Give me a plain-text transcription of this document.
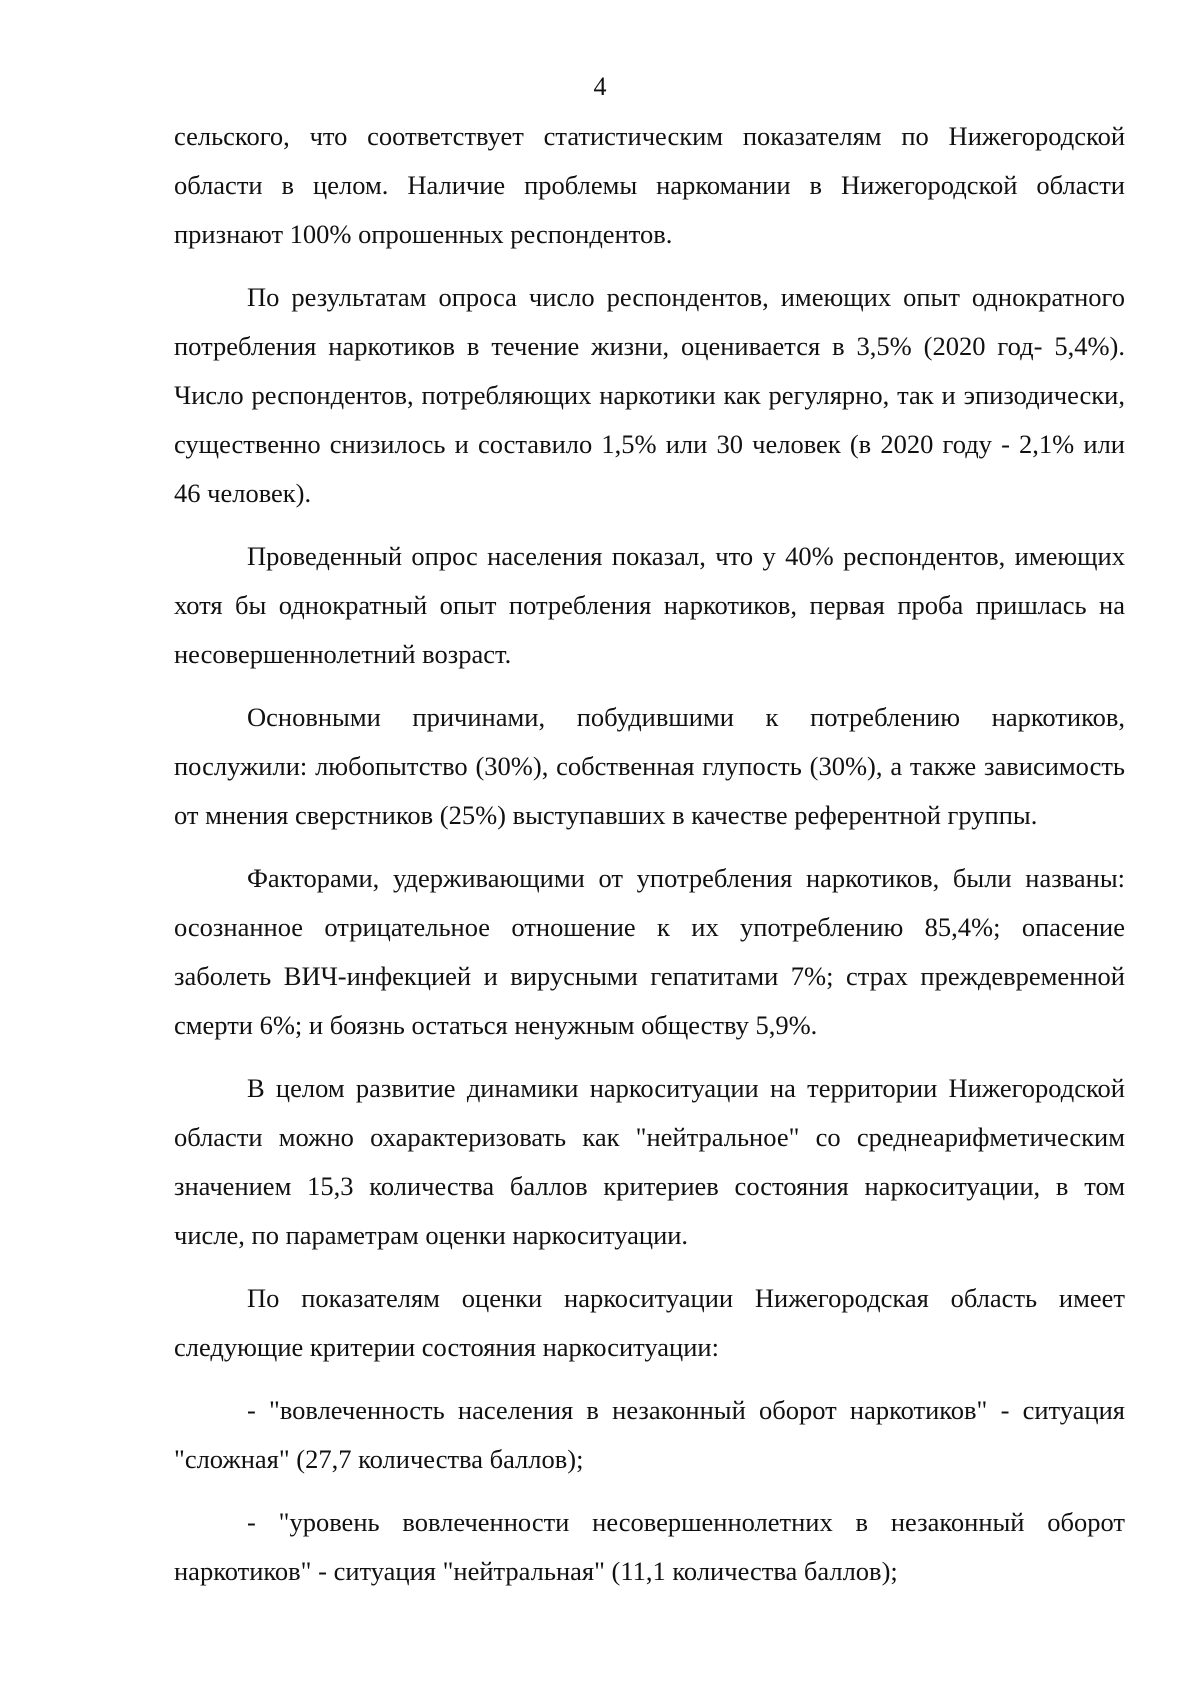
4

сельского, что соответствует статистическим показателям по Нижегородской области в целом. Наличие проблемы наркомании в Нижегородской области признают 100% опрошенных респондентов.

По результатам опроса число респондентов, имеющих опыт однократного потребления наркотиков в течение жизни, оценивается в 3,5% (2020 год- 5,4%). Число респондентов, потребляющих наркотики как регулярно, так и эпизодически, существенно снизилось и составило 1,5% или 30 человек (в 2020 году - 2,1% или 46 человек).

Проведенный опрос населения показал, что у 40% респондентов, имеющих хотя бы однократный опыт потребления наркотиков, первая проба пришлась на несовершеннолетний возраст.

Основными причинами, побудившими к потреблению наркотиков, послужили: любопытство (30%), собственная глупость (30%), а также зависимость от мнения сверстников (25%) выступавших в качестве референтной группы.

Факторами, удерживающими от употребления наркотиков, были названы: осознанное отрицательное отношение к их употреблению 85,4%; опасение заболеть ВИЧ-инфекцией и вирусными гепатитами 7%; страх преждевременной смерти 6%; и боязнь остаться ненужным обществу 5,9%.

В целом развитие динамики наркоситуации на территории Нижегородской области можно охарактеризовать как "нейтральное" со среднеарифметическим значением 15,3 количества баллов критериев состояния наркоситуации, в том числе, по параметрам оценки наркоситуации.

По показателям оценки наркоситуации Нижегородская область имеет следующие критерии состояния наркоситуации:

- "вовлеченность населения в незаконный оборот наркотиков" - ситуация "сложная" (27,7 количества баллов);

- "уровень вовлеченности несовершеннолетних в незаконный оборот наркотиков" - ситуация "нейтральная" (11,1 количества баллов);
